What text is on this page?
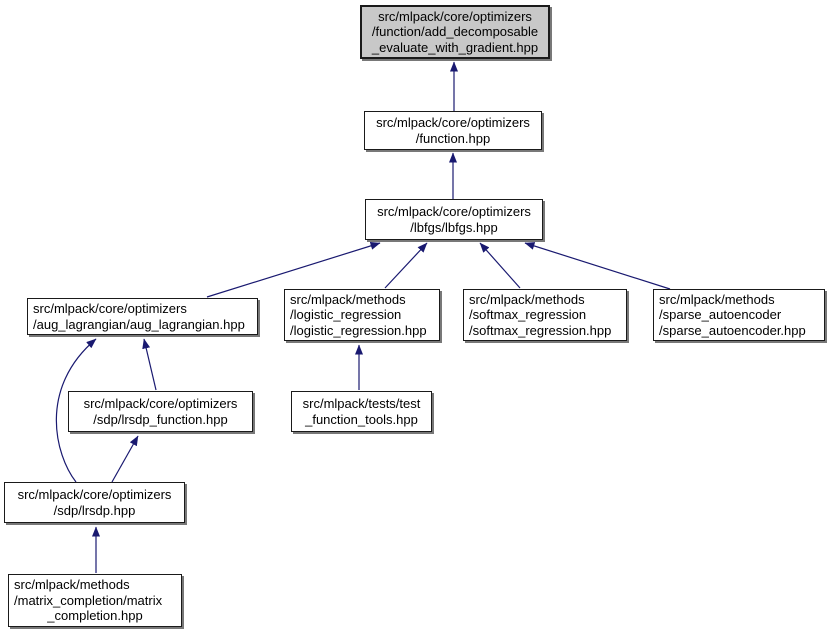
src/mlpack/core/optimizers
/function/add_decomposable
_evaluate_with_gradient.hpp
src/mlpack/core/optimizers
/function.hpp
src/mlpack/core/optimizers
/lbfgs/lbfgs.hpp
src/mlpack/core/optimizers
/aug_lagrangian/aug_lagrangian.hpp
src/mlpack/methods
/logistic_regression
/logistic_regression.hpp
src/mlpack/methods
/softmax_regression
/softmax_regression.hpp
src/mlpack/methods
/sparse_autoencoder
/sparse_autoencoder.hpp
src/mlpack/core/optimizers
/sdp/lrsdp_function.hpp
src/mlpack/tests/test
_function_tools.hpp
src/mlpack/core/optimizers
/sdp/lrsdp.hpp
src/mlpack/methods
/matrix_completion/matrix
_completion.hpp
